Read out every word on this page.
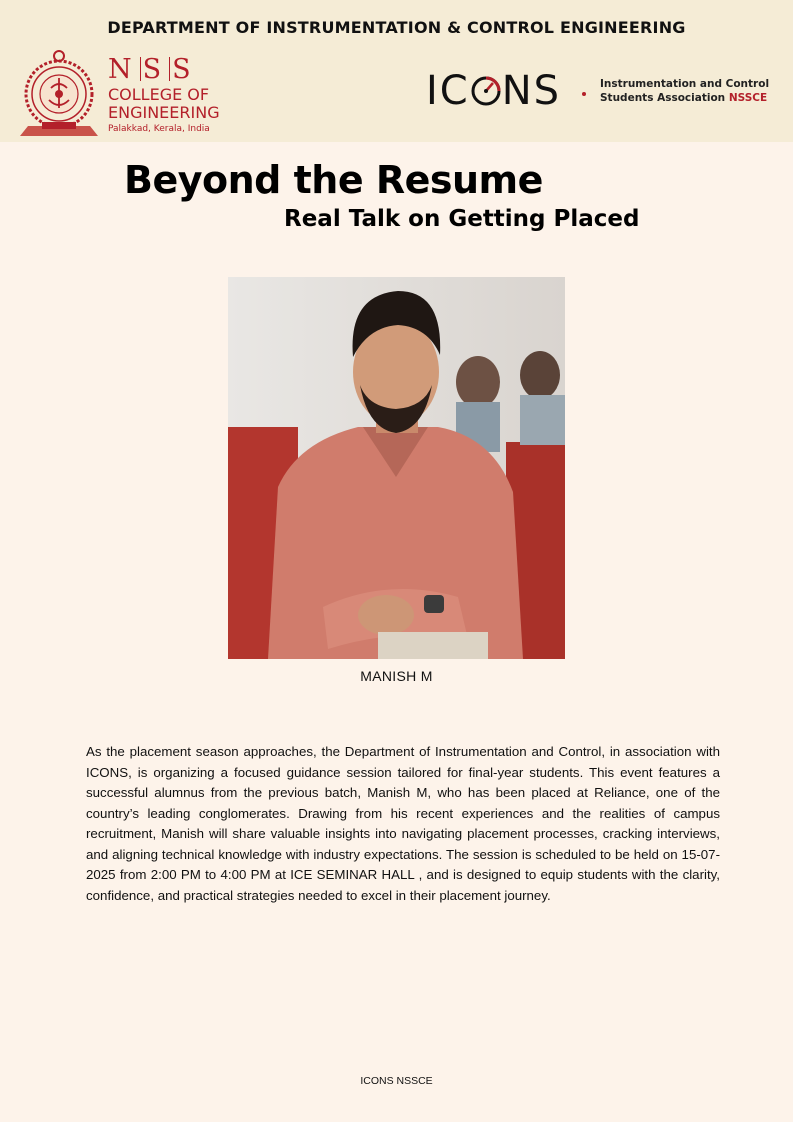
DEPARTMENT OF INSTRUMENTATION & CONTROL ENGINEERING
N S S
COLLEGE OF
ENGINEERING
Palakkad, Kerala, India
IC NS	Instrumentation and Control
Students Association NSSCE
Beyond the Resume
Real Talk on Getting Placed
MANISH M
As the placement season approaches, the Department of Instrumentation and Control, in association with ICONS, is organizing a focused guidance session tailored for final-year students. This event features a successful alumnus from the previous batch, Manish M, who has been placed at Reliance, one of the country’s leading conglomerates. Drawing from his recent experiences and the realities of campus recruitment, Manish will share valuable insights into navigating placement processes, cracking interviews, and aligning technical knowledge with industry expectations. The session is scheduled to be held on 15-07-2025 from 2:00 PM to 4:00 PM at ICE SEMINAR HALL , and is designed to equip students with the clarity, confidence, and practical strategies needed to excel in their placement journey.
ICONS NSSCE
